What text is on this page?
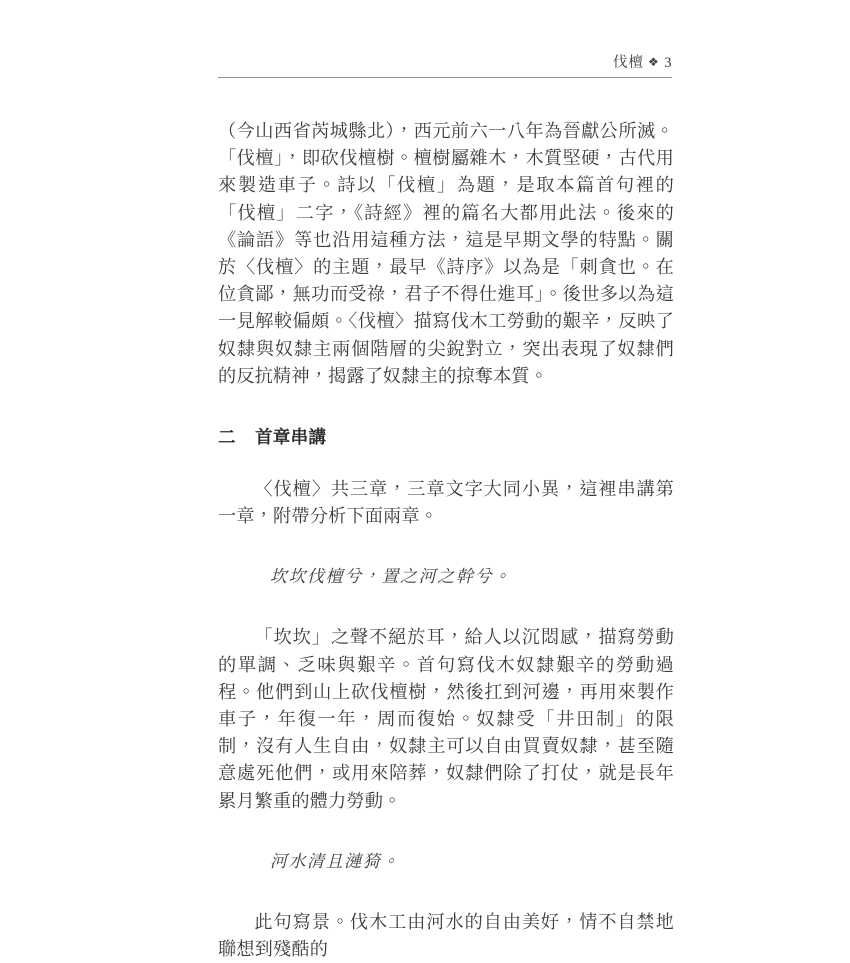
伐檀 ❖ 3

（今山西省芮城縣北），西元前六一八年為晉獻公所滅。「伐檀」，即砍伐檀樹。檀樹屬雜木，木質堅硬，古代用來製造車子。詩以「伐檀」為題，是取本篇首句裡的「伐檀」二字，《詩經》裡的篇名大都用此法。後來的《論語》等也沿用這種方法，這是早期文學的特點。關於〈伐檀〉的主題，最早《詩序》以為是「刺貪也。在位貪鄙，無功而受祿，君子不得仕進耳」。後世多以為這一見解較偏頗。〈伐檀〉描寫伐木工勞動的艱辛，反映了奴隸與奴隸主兩個階層的尖銳對立，突出表現了奴隸們的反抗精神，揭露了奴隸主的掠奪本質。

二 首章串講

〈伐檀〉共三章，三章文字大同小異，這裡串講第一章，附帶分析下面兩章。

坎坎伐檀兮，置之河之幹兮。

「坎坎」之聲不絕於耳，給人以沉悶感，描寫勞動的單調、乏味與艱辛。首句寫伐木奴隸艱辛的勞動過程。他們到山上砍伐檀樹，然後扛到河邊，再用來製作車子，年復一年，周而復始。奴隸受「井田制」的限制，沒有人生自由，奴隸主可以自由買賣奴隸，甚至隨意處死他們，或用來陪葬，奴隸們除了打仗，就是長年累月繁重的體力勞動。

河水清且漣猗。

此句寫景。伐木工由河水的自由美好，情不自禁地聯想到殘酷的
